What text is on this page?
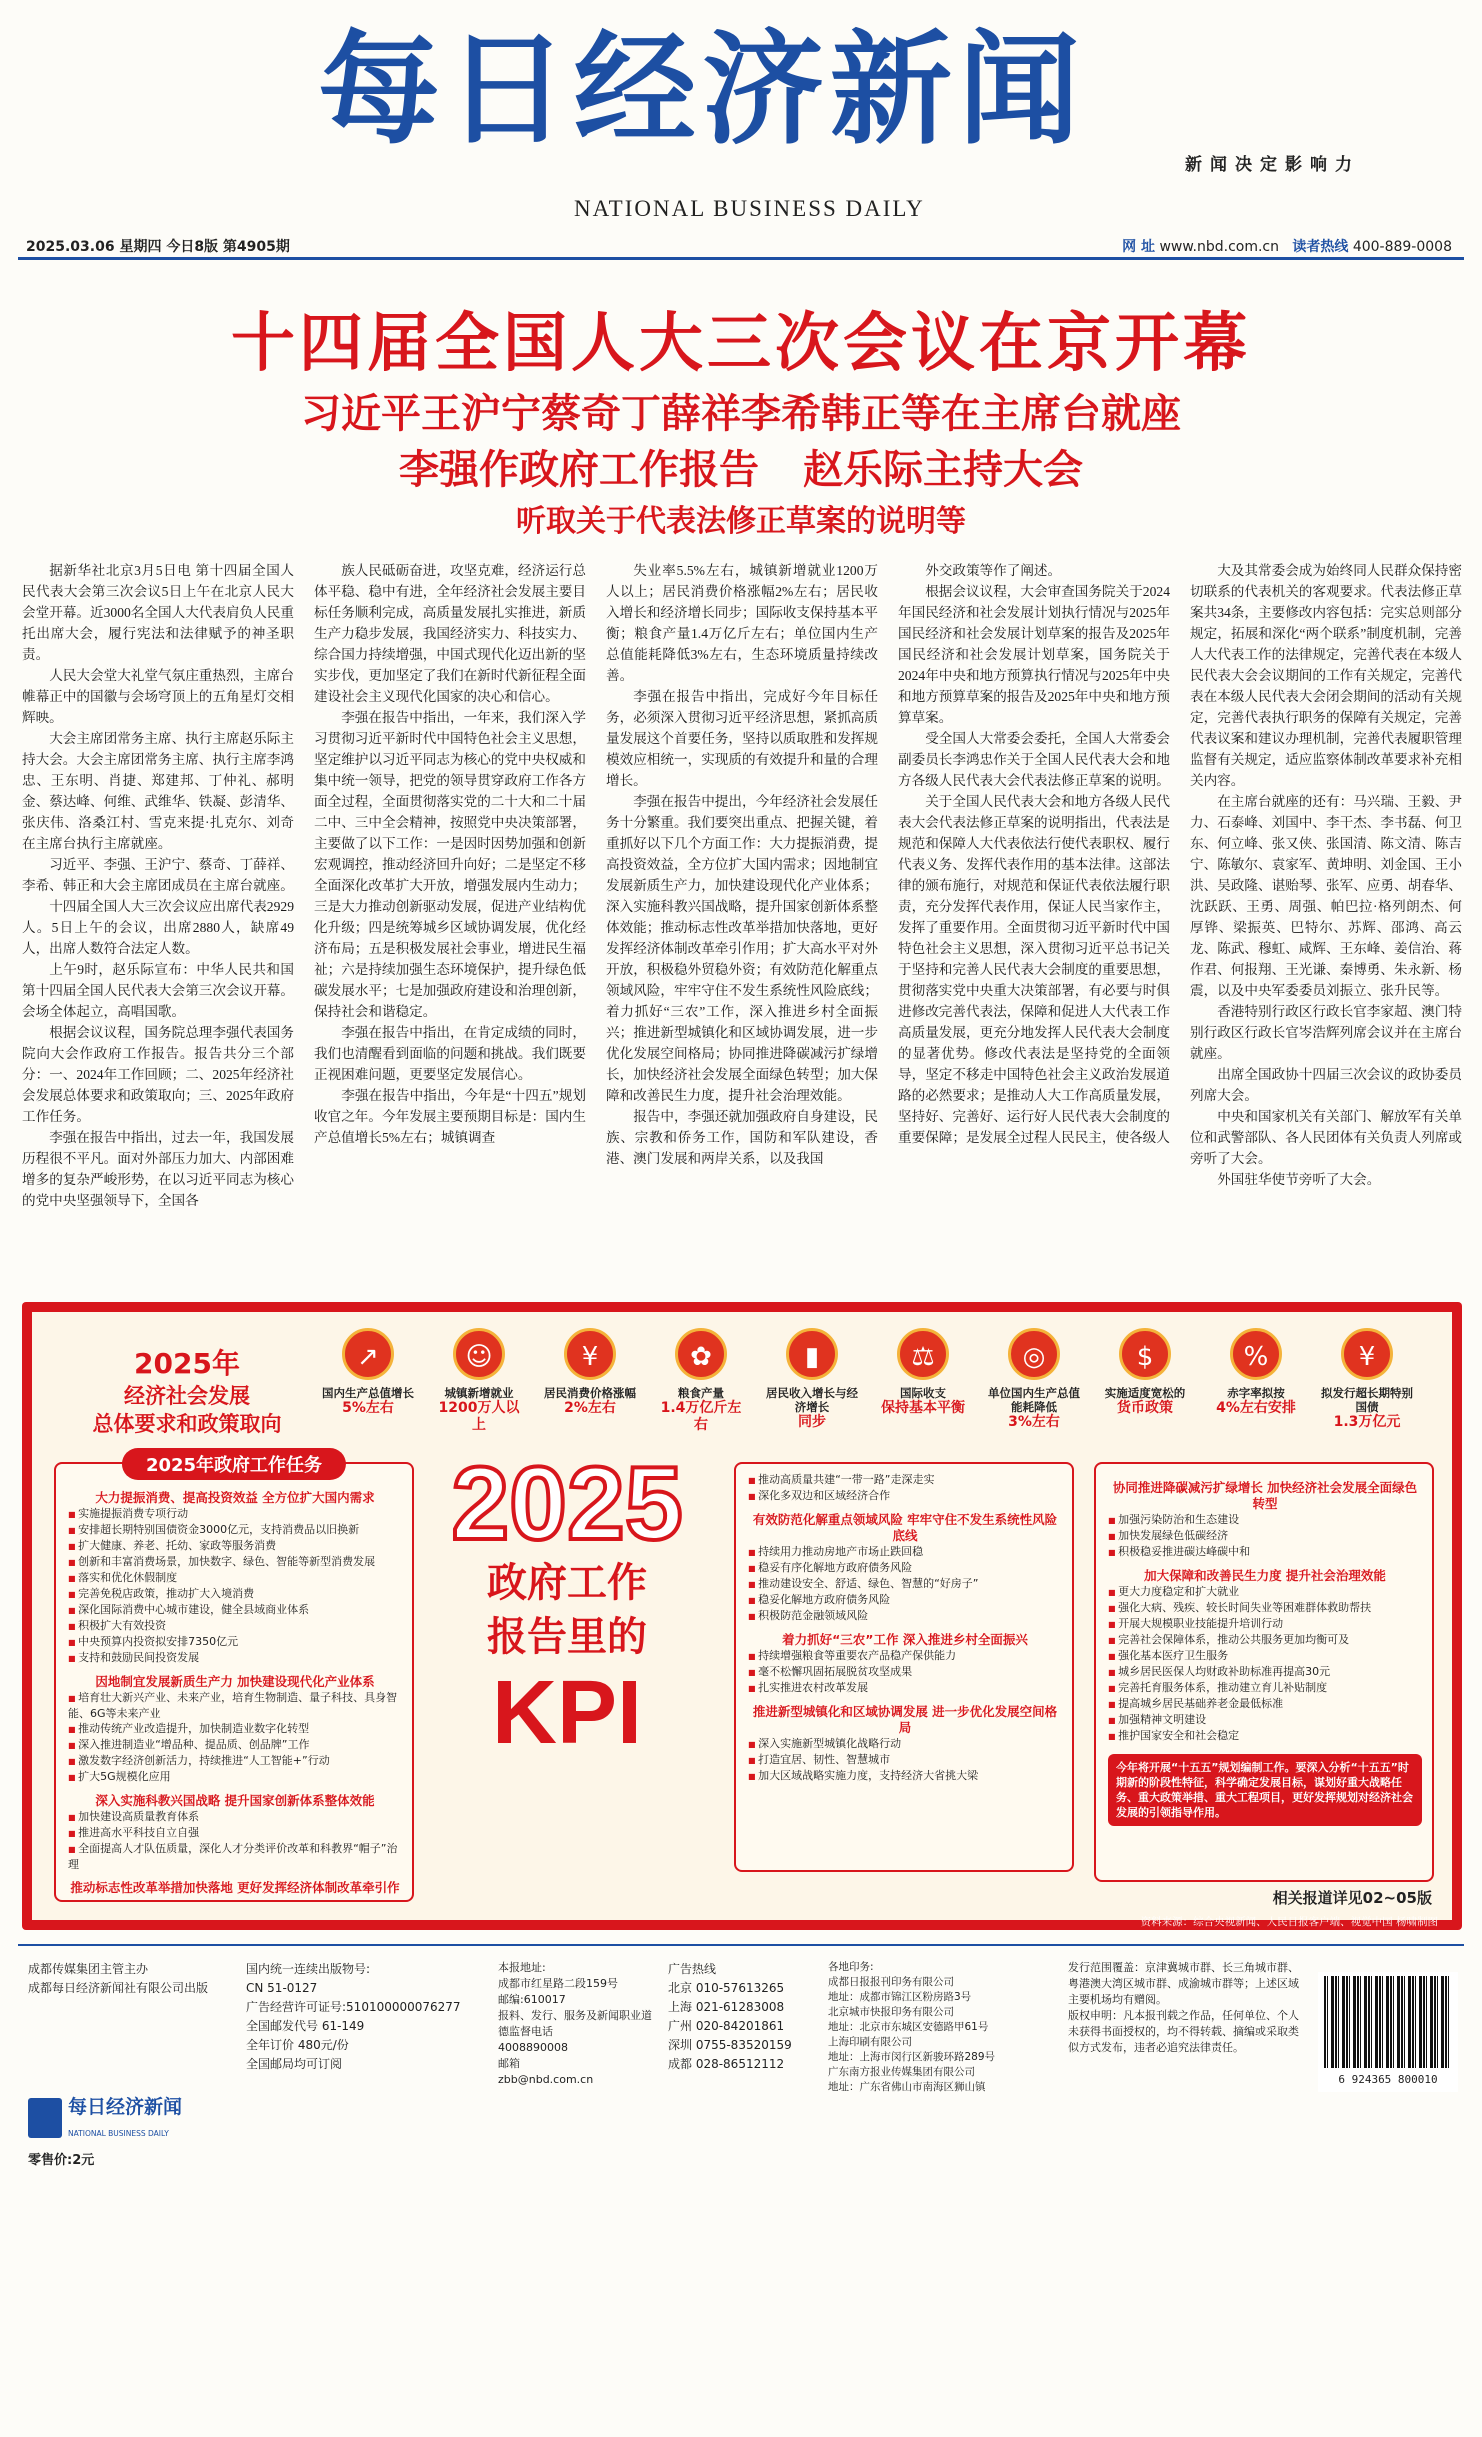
每日经济新闻
NATIONAL BUSINESS DAILY
新闻决定影响力
2025.03.06 星期四 今日8版 第4905期	网 址 www.nbd.com.cn 读者热线 400-889-0008
十四届全国人大三次会议在京开幕
习近平王沪宁蔡奇丁薛祥李希韩正等在主席台就座
李强作政府工作报告 赵乐际主持大会
听取关于代表法修正草案的说明等

据新华社北京3月5日电 第十四届全国人民代表大会第三次会议5日上午在北京人民大会堂开幕。近3000名全国人大代表肩负人民重托出席大会，履行宪法和法律赋予的神圣职责。

人民大会堂大礼堂气氛庄重热烈，主席台帷幕正中的国徽与会场穹顶上的五角星灯交相辉映。

大会主席团常务主席、执行主席赵乐际主持大会。大会主席团常务主席、执行主席李鸿忠、王东明、肖捷、郑建邦、丁仲礼、郝明金、蔡达峰、何维、武维华、铁凝、彭清华、张庆伟、洛桑江村、雪克来提·扎克尔、刘奇在主席台执行主席就座。

习近平、李强、王沪宁、蔡奇、丁薛祥、李希、韩正和大会主席团成员在主席台就座。

十四届全国人大三次会议应出席代表2929人。5日上午的会议，出席2880人，缺席49人，出席人数符合法定人数。

上午9时，赵乐际宣布：中华人民共和国第十四届全国人民代表大会第三次会议开幕。会场全体起立，高唱国歌。

根据会议议程，国务院总理李强代表国务院向大会作政府工作报告。报告共分三个部分：一、2024年工作回顾；二、2025年经济社会发展总体要求和政策取向；三、2025年政府工作任务。

李强在报告中指出，过去一年，我国发展历程很不平凡。面对外部压力加大、内部困难增多的复杂严峻形势，在以习近平同志为核心的党中央坚强领导下，全国各

族人民砥砺奋进，攻坚克难，经济运行总体平稳、稳中有进，全年经济社会发展主要目标任务顺利完成，高质量发展扎实推进，新质生产力稳步发展，我国经济实力、科技实力、综合国力持续增强，中国式现代化迈出新的坚实步伐，更加坚定了我们在新时代新征程全面建设社会主义现代化国家的决心和信心。

李强在报告中指出，一年来，我们深入学习贯彻习近平新时代中国特色社会主义思想，坚定维护以习近平同志为核心的党中央权威和集中统一领导，把党的领导贯穿政府工作各方面全过程，全面贯彻落实党的二十大和二十届二中、三中全会精神，按照党中央决策部署，主要做了以下工作：一是因时因势加强和创新宏观调控，推动经济回升向好；二是坚定不移全面深化改革扩大开放，增强发展内生动力；三是大力推动创新驱动发展，促进产业结构优化升级；四是统筹城乡区域协调发展，优化经济布局；五是积极发展社会事业，增进民生福祉；六是持续加强生态环境保护，提升绿色低碳发展水平；七是加强政府建设和治理创新，保持社会和谐稳定。

李强在报告中指出，在肯定成绩的同时，我们也清醒看到面临的问题和挑战。我们既要正视困难问题，更要坚定发展信心。

李强在报告中指出，今年是“十四五”规划收官之年。今年发展主要预期目标是：国内生产总值增长5%左右；城镇调查

失业率5.5%左右，城镇新增就业1200万人以上；居民消费价格涨幅2%左右；居民收入增长和经济增长同步；国际收支保持基本平衡；粮食产量1.4万亿斤左右；单位国内生产总值能耗降低3%左右，生态环境质量持续改善。

李强在报告中指出，完成好今年目标任务，必须深入贯彻习近平经济思想，紧抓高质量发展这个首要任务，坚持以质取胜和发挥规模效应相统一，实现质的有效提升和量的合理增长。

李强在报告中提出，今年经济社会发展任务十分繁重。我们要突出重点、把握关键，着重抓好以下几个方面工作：大力提振消费，提高投资效益，全方位扩大国内需求；因地制宜发展新质生产力，加快建设现代化产业体系；深入实施科教兴国战略，提升国家创新体系整体效能；推动标志性改革举措加快落地，更好发挥经济体制改革牵引作用；扩大高水平对外开放，积极稳外贸稳外资；有效防范化解重点领域风险，牢牢守住不发生系统性风险底线；着力抓好“三农”工作，深入推进乡村全面振兴；推进新型城镇化和区域协调发展，进一步优化发展空间格局；协同推进降碳减污扩绿增长，加快经济社会发展全面绿色转型；加大保障和改善民生力度，提升社会治理效能。

报告中，李强还就加强政府自身建设，民族、宗教和侨务工作，国防和军队建设，香港、澳门发展和两岸关系，以及我国

外交政策等作了阐述。

根据会议议程，大会审查国务院关于2024年国民经济和社会发展计划执行情况与2025年国民经济和社会发展计划草案的报告及2025年国民经济和社会发展计划草案，国务院关于2024年中央和地方预算执行情况与2025年中央和地方预算草案的报告及2025年中央和地方预算草案。

受全国人大常委会委托，全国人大常委会副委员长李鸿忠作关于全国人民代表大会和地方各级人民代表大会代表法修正草案的说明。

关于全国人民代表大会和地方各级人民代表大会代表法修正草案的说明指出，代表法是规范和保障人大代表依法行使代表职权、履行代表义务、发挥代表作用的基本法律。这部法律的颁布施行，对规范和保证代表依法履行职责，充分发挥代表作用，保证人民当家作主，发挥了重要作用。全面贯彻习近平新时代中国特色社会主义思想，深入贯彻习近平总书记关于坚持和完善人民代表大会制度的重要思想，贯彻落实党中央重大决策部署，有必要与时俱进修改完善代表法，保障和促进人大代表工作高质量发展，更充分地发挥人民代表大会制度的显著优势。修改代表法是坚持党的全面领导，坚定不移走中国特色社会主义政治发展道路的必然要求；是推动人大工作高质量发展，坚持好、完善好、运行好人民代表大会制度的重要保障；是发展全过程人民民主，使各级人

大及其常委会成为始终同人民群众保持密切联系的代表机关的客观要求。代表法修正草案共34条，主要修改内容包括：完实总则部分规定，拓展和深化“两个联系”制度机制，完善人大代表工作的法律规定，完善代表在本级人民代表大会会议期间的工作有关规定，完善代表在本级人民代表大会闭会期间的活动有关规定，完善代表执行职务的保障有关规定，完善代表议案和建议办理机制，完善代表履职管理监督有关规定，适应监察体制改革要求补充相关内容。

在主席台就座的还有：马兴瑞、王毅、尹力、石泰峰、刘国中、李干杰、李书磊、何卫东、何立峰、张又侠、张国清、陈文清、陈吉宁、陈敏尔、袁家军、黄坤明、刘金国、王小洪、吴政隆、谌贻琴、张军、应勇、胡春华、沈跃跃、王勇、周强、帕巴拉·格列朗杰、何厚铧、梁振英、巴特尔、苏辉、邵鸿、高云龙、陈武、穆虹、咸辉、王东峰、姜信治、蒋作君、何报翔、王光谦、秦博勇、朱永新、杨震，以及中央军委委员刘振立、张升民等。

香港特别行政区行政长官李家超、澳门特别行政区行政长官岑浩辉列席会议并在主席台就座。

出席全国政协十四届三次会议的政协委员列席大会。

中央和国家机关有关部门、解放军有关单位和武警部队、各人民团体有关负责人列席或旁听了大会。

外国驻华使节旁听了大会。

2025年
经济社会发展
总体要求和政策取向
↗
国内生产总值增长
5%左右
☺
城镇新增就业
1200万人以上
¥
居民消费价格涨幅
2%左右
✿
粮食产量
1.4万亿斤左右
▮
居民收入增长与经济增长
同步
⚖
国际收支
保持基本平衡
◎
单位国内生产总值能耗降低
3%左右
$
实施适度宽松的
货币政策
%
赤字率拟按
4%左右安排
¥
拟发行超长期特别国债
1.3万亿元
2025年政府工作任务
大力提振消费、提高投资效益 全方位扩大国内需求
■ 实施提振消费专项行动
■ 安排超长期特别国债资金3000亿元，支持消费品以旧换新
■ 扩大健康、养老、托幼、家政等服务消费
■ 创新和丰富消费场景，加快数字、绿色、智能等新型消费发展
■ 落实和优化休假制度
■ 完善免税店政策，推动扩大入境消费
■ 深化国际消费中心城市建设，健全县域商业体系
■ 积极扩大有效投资
■ 中央预算内投资拟安排7350亿元
■ 支持和鼓励民间投资发展
因地制宜发展新质生产力 加快建设现代化产业体系
■ 培育壮大新兴产业、未来产业，培育生物制造、量子科技、具身智能、6G等未来产业
■ 推动传统产业改造提升，加快制造业数字化转型
■ 深入推进制造业“增品种、提品质、创品牌”工作
■ 激发数字经济创新活力，持续推进“人工智能+”行动
■ 扩大5G规模化应用
深入实施科教兴国战略 提升国家创新体系整体效能
■ 加快建设高质量教育体系
■ 推进高水平科技自立自强
■ 全面提高人才队伍质量，深化人才分类评价改革和科教界“帽子”治理
推动标志性改革举措加快落地 更好发挥经济体制改革牵引作
2025
政府工作
报告里的
KPI
■ 推动高质量共建“一带一路”走深走实
■ 深化多双边和区域经济合作
有效防范化解重点领域风险 牢牢守住不发生系统性风险底线
■ 持续用力推动房地产市场止跌回稳
■ 稳妥有序化解地方政府债务风险
■ 推动建设安全、舒适、绿色、智慧的“好房子”
■ 稳妥化解地方政府债务风险
■ 积极防范金融领域风险
着力抓好“三农”工作 深入推进乡村全面振兴
■ 持续增强粮食等重要农产品稳产保供能力
■ 毫不松懈巩固拓展脱贫攻坚成果
■ 扎实推进农村改革发展
推进新型城镇化和区域协调发展 进一步优化发展空间格局
■ 深入实施新型城镇化战略行动
■ 打造宜居、韧性、智慧城市
■ 加大区域战略实施力度，支持经济大省挑大梁
协同推进降碳减污扩绿增长 加快经济社会发展全面绿色转型
■ 加强污染防治和生态建设
■ 加快发展绿色低碳经济
■ 积极稳妥推进碳达峰碳中和
加大保障和改善民生力度 提升社会治理效能
■ 更大力度稳定和扩大就业
■ 强化大病、残疾、较长时间失业等困难群体救助帮扶
■ 开展大规模职业技能提升培训行动
■ 完善社会保障体系，推动公共服务更加均衡可及
■ 强化基本医疗卫生服务
■ 城乡居民医保人均财政补助标准再提高30元
■ 完善托育服务体系，推动建立育儿补贴制度
■ 提高城乡居民基础养老金最低标准
■ 加强精神文明建设
■ 推护国家安全和社会稳定
今年将开展“十五五”规划编制工作。要深入分析“十五五”时期新的阶段性特征，科学确定发展目标，谋划好重大战略任务、重大政策举措、重大工程项目，更好发挥规划对经济社会发展的引领指导作用。
相关报道详见02~05版
资料来源：综合央视新闻、人民日报客户端、视觉中国 杨啸制图
成都传媒集团主管主办
成都每日经济新闻社有限公司出版
每日经济新闻
NATIONAL BUSINESS DAILY
零售价:2元
国内统一连续出版物号:
CN 51-0127
广告经营许可证号:510100000076277
全国邮发代号 61-149
全年订价 480元/份
全国邮局均可订阅
本报地址:
成都市红星路二段159号
邮编:610017
报料、发行、服务及新闻职业道德监督电话
4008890008
邮箱
zbb@nbd.com.cn
广告热线
北京 010-57613265
上海 021-61283008
广州 020-84201861
深圳 0755-83520159
成都 028-86512112
各地印务:
成都日报报刊印务有限公司
地址：成都市锦江区粉房路3号
北京城市快报印务有限公司
地址：北京市东城区安德路甲61号
上海印刷有限公司
地址：上海市闵行区新骏环路289号
广东南方报业传媒集团有限公司
地址：广东省佛山市南海区狮山镇
发行范围覆盖：京津冀城市群、长三角城市群、粤港澳大湾区城市群、成渝城市群等；上述区域主要机场均有赠阅。
版权申明：凡本报刊载之作品，任何单位、个人未获得书面授权的，均不得转载、摘编或采取类似方式发布，违者必追究法律责任。
6 924365 800010
